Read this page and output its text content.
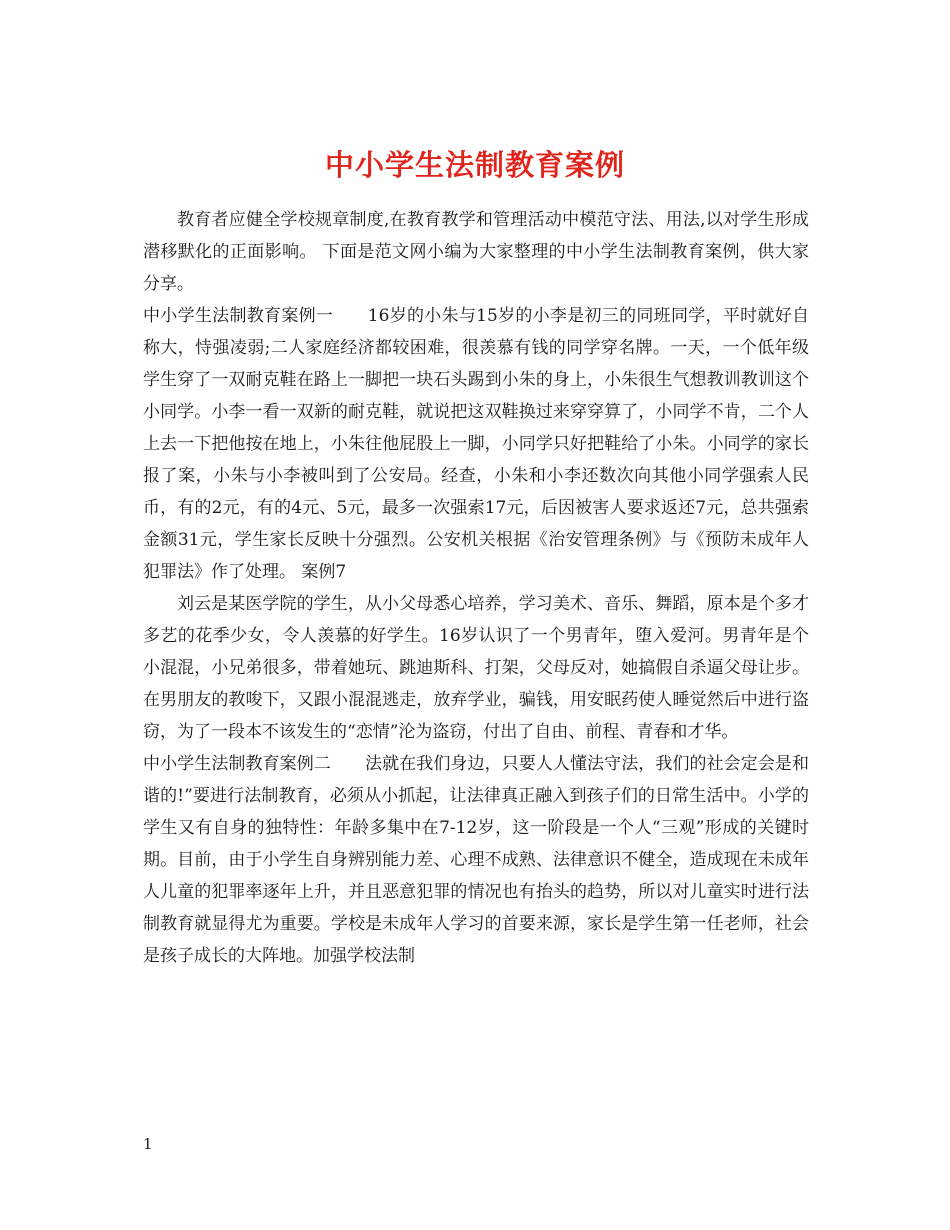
中小学生法制教育案例

教育者应健全学校规章制度,在教育教学和管理活动中模范守法、用法,以对学生形成潜移默化的正面影响。 下面是范文网小编为大家整理的中小学生法制教育案例，供大家分享。

中小学生法制教育案例一　　16岁的小朱与15岁的小李是初三的同班同学，平时就好自称大，恃强凌弱;二人家庭经济都较困难，很羡慕有钱的同学穿名牌。一天，一个低年级学生穿了一双耐克鞋在路上一脚把一块石头踢到小朱的身上，小朱很生气想教训教训这个小同学。小李一看一双新的耐克鞋，就说把这双鞋换过来穿穿算了，小同学不肯，二个人上去一下把他按在地上，小朱往他屁股上一脚，小同学只好把鞋给了小朱。小同学的家长报了案，小朱与小李被叫到了公安局。经查，小朱和小李还数次向其他小同学强索人民币，有的2元，有的4元、5元，最多一次强索17元，后因被害人要求返还7元，总共强索金额31元，学生家长反映十分强烈。公安机关根据《治安管理条例》与《预防未成年人犯罪法》作了处理。 案例7

刘云是某医学院的学生，从小父母悉心培养，学习美术、音乐、舞蹈，原本是个多才多艺的花季少女，令人羡慕的好学生。16岁认识了一个男青年，堕入爱河。男青年是个小混混，小兄弟很多，带着她玩、跳迪斯科、打架，父母反对，她搞假自杀逼父母让步。在男朋友的教唆下，又跟小混混逃走，放弃学业，骗钱，用安眠药使人睡觉然后中进行盗窃，为了一段本不该发生的“恋情”沦为盗窃，付出了自由、前程、青春和才华。

中小学生法制教育案例二　　法就在我们身边，只要人人懂法守法，我们的社会定会是和谐的!”要进行法制教育，必须从小抓起，让法律真正融入到孩子们的日常生活中。小学的学生又有自身的独特性：年龄多集中在7-12岁，这一阶段是一个人“三观”形成的关键时期。目前，由于小学生自身辨别能力差、心理不成熟、法律意识不健全，造成现在未成年人儿童的犯罪率逐年上升，并且恶意犯罪的情况也有抬头的趋势，所以对儿童实时进行法制教育就显得尤为重要。学校是未成年人学习的首要来源，家长是学生第一任老师，社会是孩子成长的大阵地。加强学校法制

1
